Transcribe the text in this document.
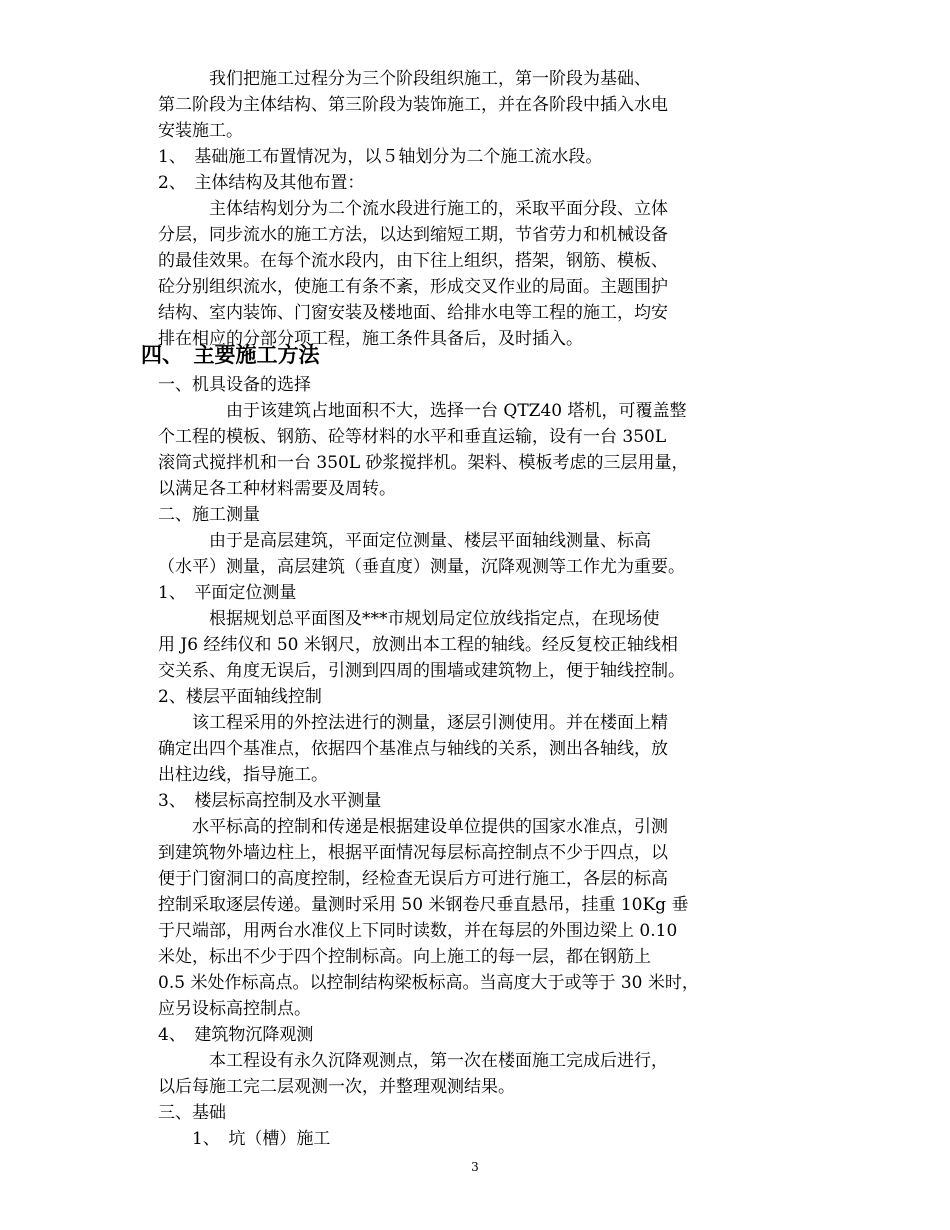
　　　我们把施工过程分为三个阶段组织施工，第一阶段为基础、
第二阶段为主体结构、第三阶段为装饰施工，并在各阶段中插入水电
安装施工。
1、　基础施工布置情况为，以５轴划分为二个施工流水段。
2、　主体结构及其他布置：
　　　主体结构划分为二个流水段进行施工的，采取平面分段、立体
分层，同步流水的施工方法，以达到缩短工期，节省劳力和机械设备
的最佳效果。在每个流水段内，由下往上组织，搭架，钢筋、模板、
砼分别组织流水，使施工有条不紊，形成交叉作业的局面。主题围护
结构、室内装饰、门窗安装及楼地面、给排水电等工程的施工，均安
排在相应的分部分项工程，施工条件具备后，及时插入。
四、　主要施工方法
一、机具设备的选择
　　　　由于该建筑占地面积不大，选择一台 QTZ40 塔机，可覆盖整
个工程的模板、钢筋、砼等材料的水平和垂直运输，设有一台 350L
滚筒式搅拌机和一台 350L 砂浆搅拌机。架料、模板考虑的三层用量，
以满足各工种材料需要及周转。
二、施工测量
　　　由于是高层建筑，平面定位测量、楼层平面轴线测量、标高
（水平）测量，高层建筑（垂直度）测量，沉降观测等工作尤为重要。
1、　平面定位测量
　　　根据规划总平面图及***市规划局定位放线指定点，在现场使
用 J6 经纬仪和 50 米钢尺，放测出本工程的轴线。经反复校正轴线相
交关系、角度无误后，引测到四周的围墙或建筑物上，便于轴线控制。
2、楼层平面轴线控制
　　该工程采用的外控法进行的测量，逐层引测使用。并在楼面上精
确定出四个基准点，依据四个基准点与轴线的关系，测出各轴线，放
出柱边线，指导施工。
3、　楼层标高控制及水平测量
　　水平标高的控制和传递是根据建设单位提供的国家水准点，引测
到建筑物外墙边柱上，根据平面情况每层标高控制点不少于四点，以
便于门窗洞口的高度控制，经检查无误后方可进行施工，各层的标高
控制采取逐层传递。量测时采用 50 米钢卷尺垂直悬吊，挂重 10Kg 垂
于尺端部，用两台水准仪上下同时读数，并在每层的外围边梁上 0.10
米处，标出不少于四个控制标高。向上施工的每一层，都在钢筋上
0.5 米处作标高点。以控制结构梁板标高。当高度大于或等于 30 米时，
应另设标高控制点。
4、　建筑物沉降观测
　　　本工程设有永久沉降观测点，第一次在楼面施工完成后进行，
以后每施工完二层观测一次，并整理观测结果。
三、基础
　　1、　坑（槽）施工
3
